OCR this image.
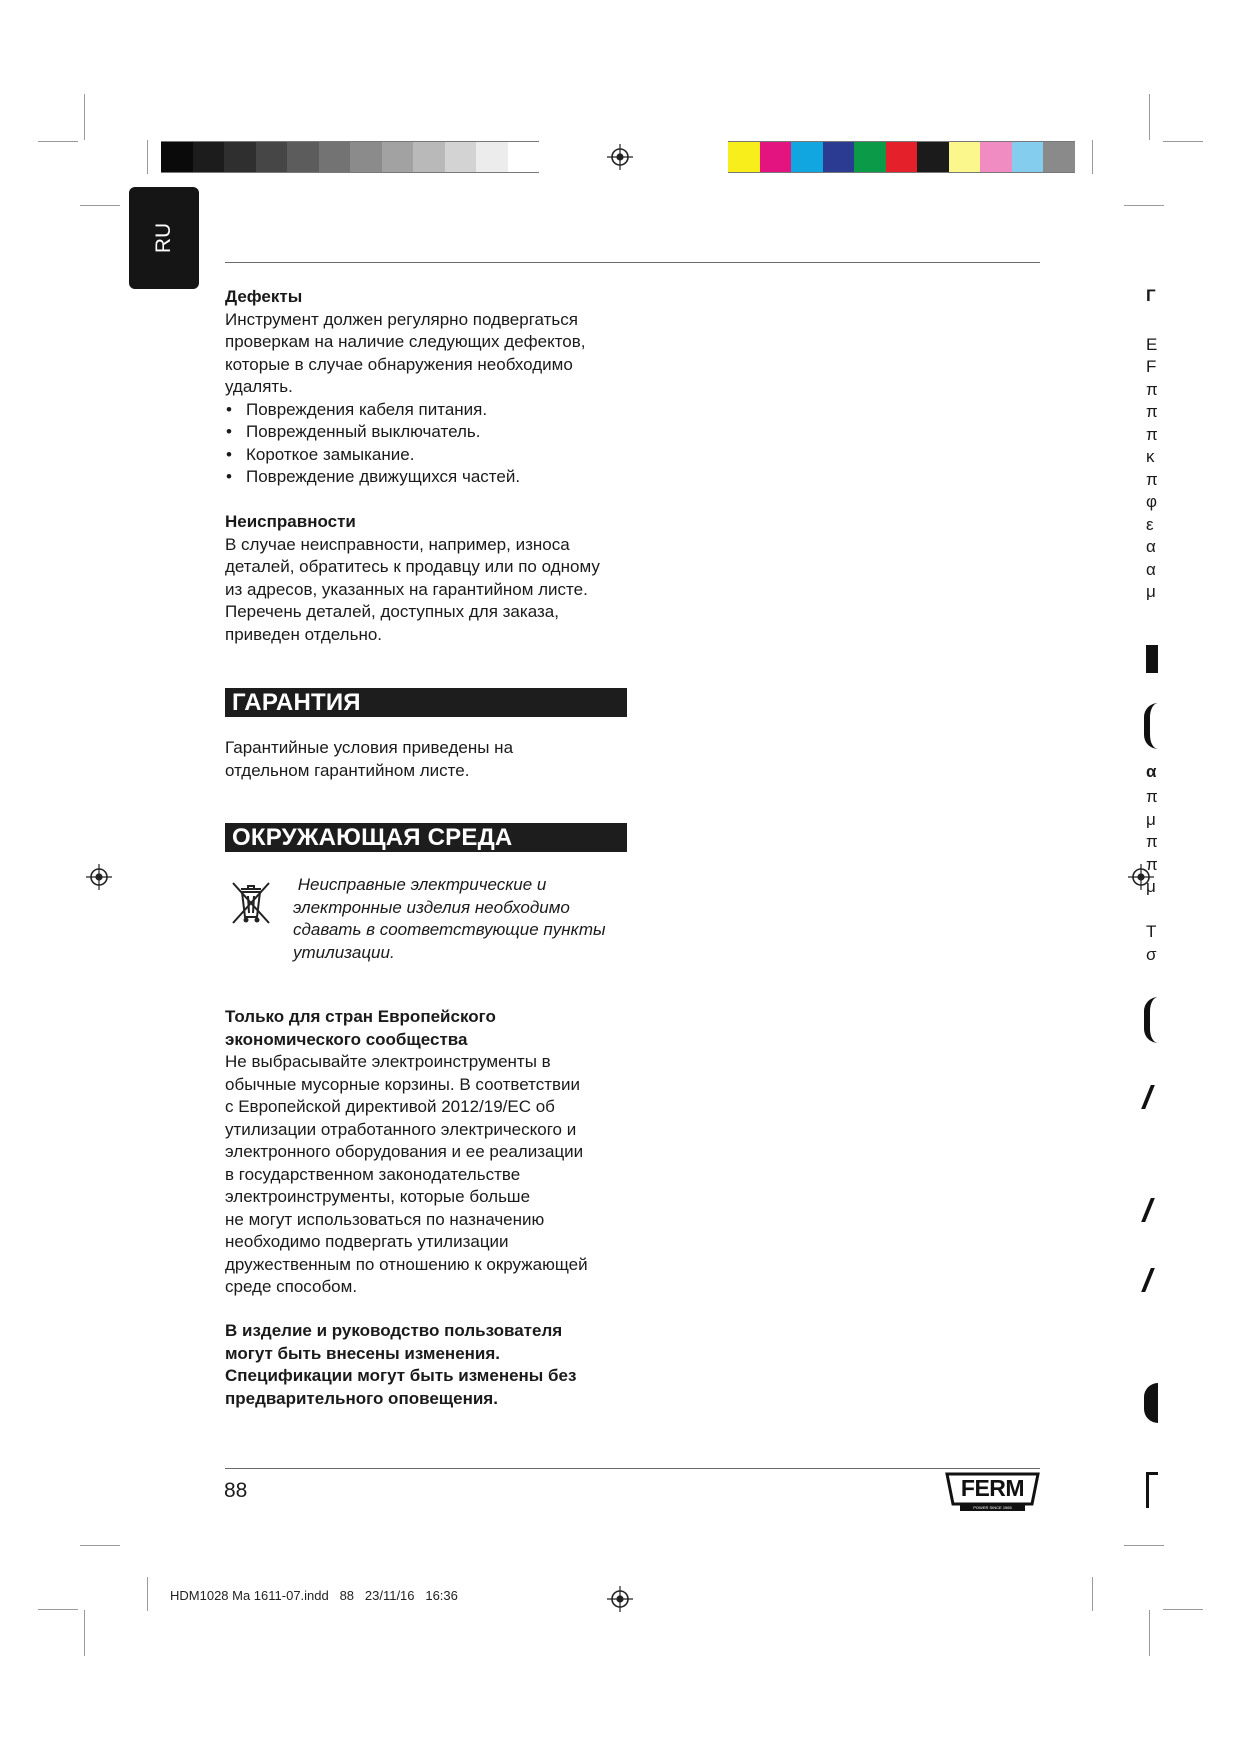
RU

Дефекты

Инструмент должен регулярно подвергаться

проверкам на наличие следующих дефектов,

которые в случае обнаружения необходимо

удалять.

• Повреждения кабеля питания.
• Поврежденный выключатель.
• Короткое замыкание.
• Повреждение движущихся частей.

Неисправности

В случае неисправности, например, износа

деталей, обратитесь к продавцу или по одному

из адресов, указанных на гарантийном листе.

Перечень деталей, доступных для заказа,

приведен отдельно.

ГАРАНТИЯ

Гарантийные условия приведены на

отдельном гарантийном листе.

ОКРУЖАЮЩАЯ СРЕДА
Неисправные электрические и
электронные изделия необходимо
сдавать в соответствующие пункты
утилизации.

Только для стран Европейского

экономического сообщества

Не выбрасывайте электроинструменты в

обычные мусорные корзины. В соответствии

с Европейской директивой 2012/19/EC об

утилизации отработанного электрического и

электронного оборудования и ее реализации

в государственном законодательстве

электроинструменты, которые больше

не могут использоваться по назначению

необходимо подвергать утилизации

дружественным по отношению к окружающей

среде способом.

В изделие и руководство пользователя

могут быть внесены изменения.

Спецификации могут быть изменены без

предварительного оповещения.

88	FERM
POWER SINCE 1965
HDM1028 Ma 1611-07.indd   88   23/11/16   16:36
Г
E
F
π
π
π
κ
π
φ
ε
α
α
μ
α
π
μ
π
π
μ
Τ
σ
